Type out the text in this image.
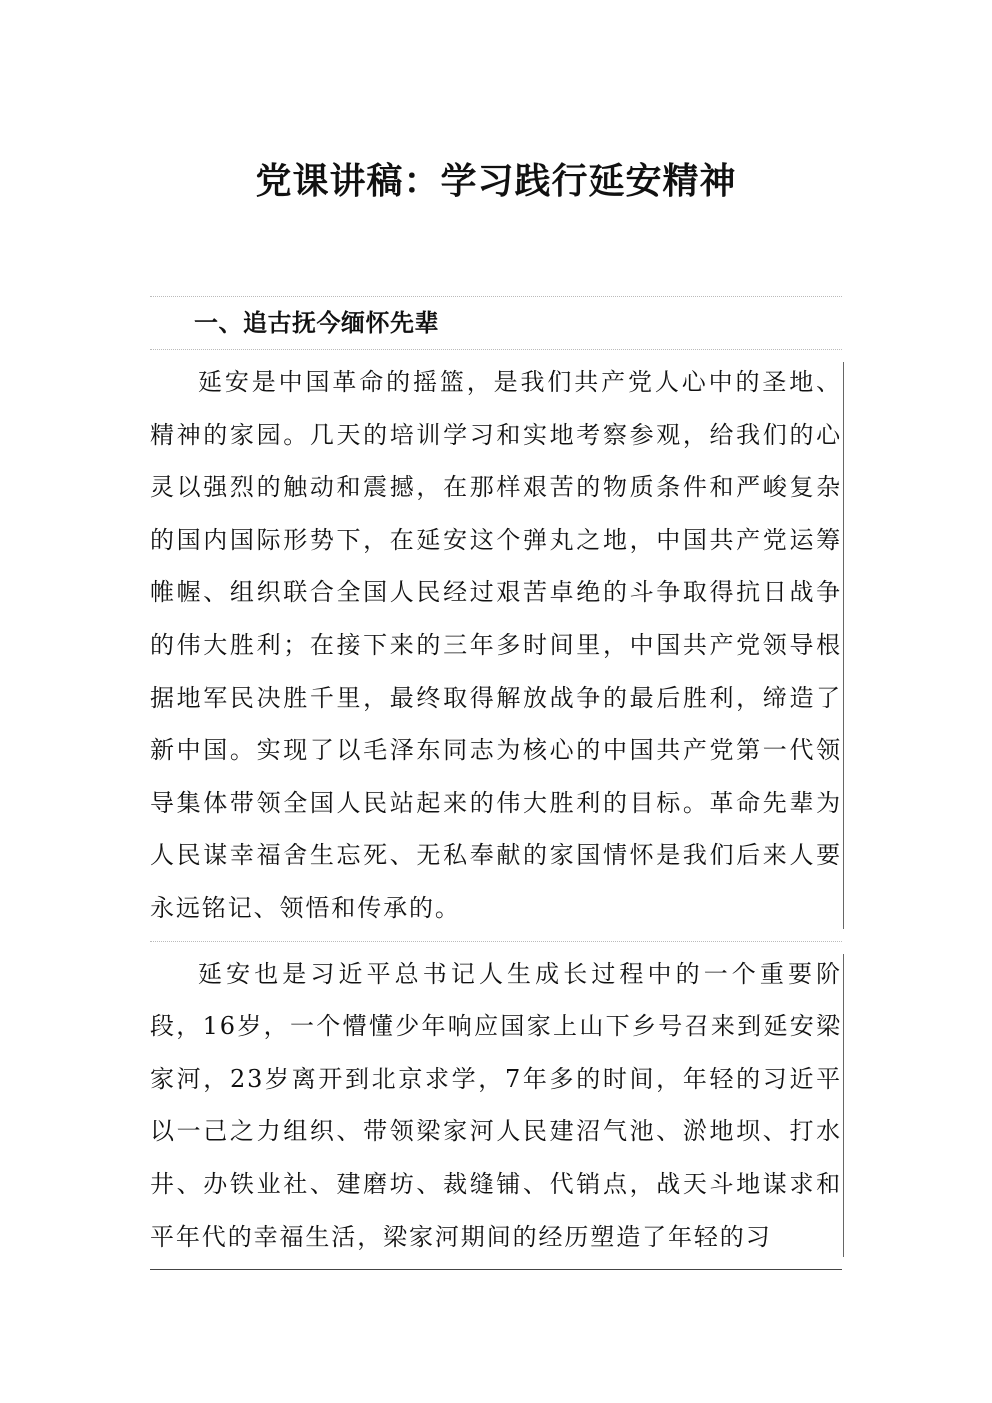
党课讲稿：学习践行延安精神
一、追古抚今缅怀先辈

延安是中国革命的摇篮，是我们共产党人心中的圣地、精神的家园。几天的培训学习和实地考察参观，给我们的心灵以强烈的触动和震撼，在那样艰苦的物质条件和严峻复杂的国内国际形势下，在延安这个弹丸之地，中国共产党运筹帷幄、组织联合全国人民经过艰苦卓绝的斗争取得抗日战争的伟大胜利；在接下来的三年多时间里，中国共产党领导根据地军民决胜千里，最终取得解放战争的最后胜利，缔造了新中国。实现了以毛泽东同志为核心的中国共产党第一代领导集体带领全国人民站起来的伟大胜利的目标。革命先辈为人民谋幸福舍生忘死、无私奉献的家国情怀是我们后来人要永远铭记、领悟和传承的。

延安也是习近平总书记人生成长过程中的一个重要阶段，16岁，一个懵懂少年响应国家上山下乡号召来到延安梁家河，23岁离开到北京求学，7年多的时间，年轻的习近平以一己之力组织、带领梁家河人民建沼气池、淤地坝、打水井、办铁业社、建磨坊、裁缝铺、代销点，战天斗地谋求和平年代的幸福生活，梁家河期间的经历塑造了年轻的习
